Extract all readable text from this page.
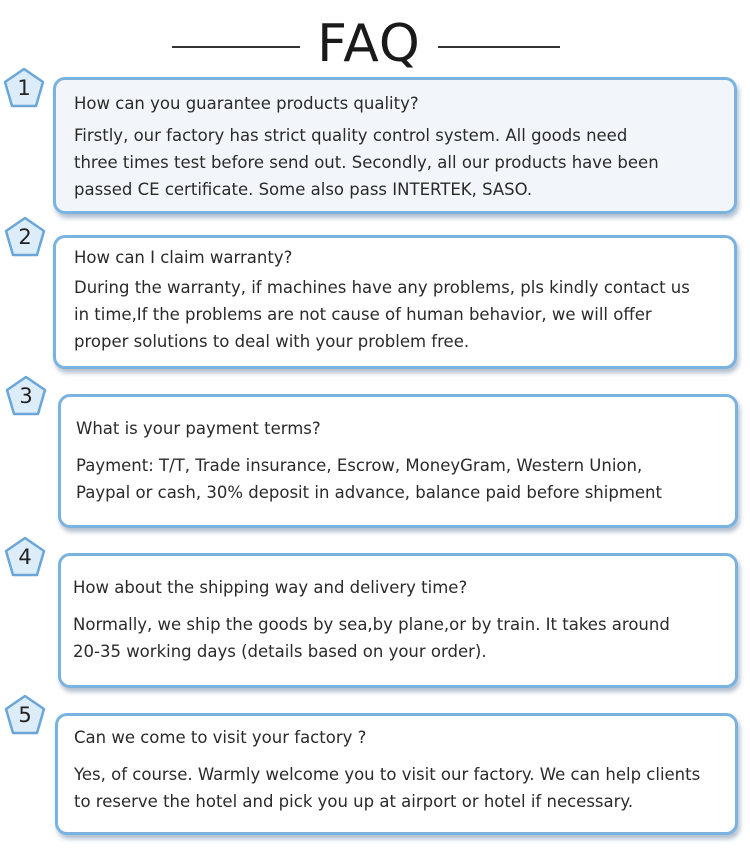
FAQ
How can you guarantee products quality?
Firstly, our factory has strict quality control system. All goods need
three times test before send out. Secondly, all our products have been
passed CE certificate. Some also pass INTERTEK, SASO.
1
How can I claim warranty?
During the warranty, if machines have any problems, pls kindly contact us
in time,If the problems are not cause of human behavior, we will offer
proper solutions to deal with your problem free.
2
What is your payment terms?
Payment: T/T, Trade insurance, Escrow, MoneyGram, Western Union,
Paypal or cash, 30% deposit in advance, balance paid before shipment
3
How about the shipping way and delivery time?
Normally, we ship the goods by sea,by plane,or by train. It takes around
20-35 working days (details based on your order).
4
Can we come to visit your factory ?
Yes, of course. Warmly welcome you to visit our factory. We can help clients
to reserve the hotel and pick you up at airport or hotel if necessary.
5
